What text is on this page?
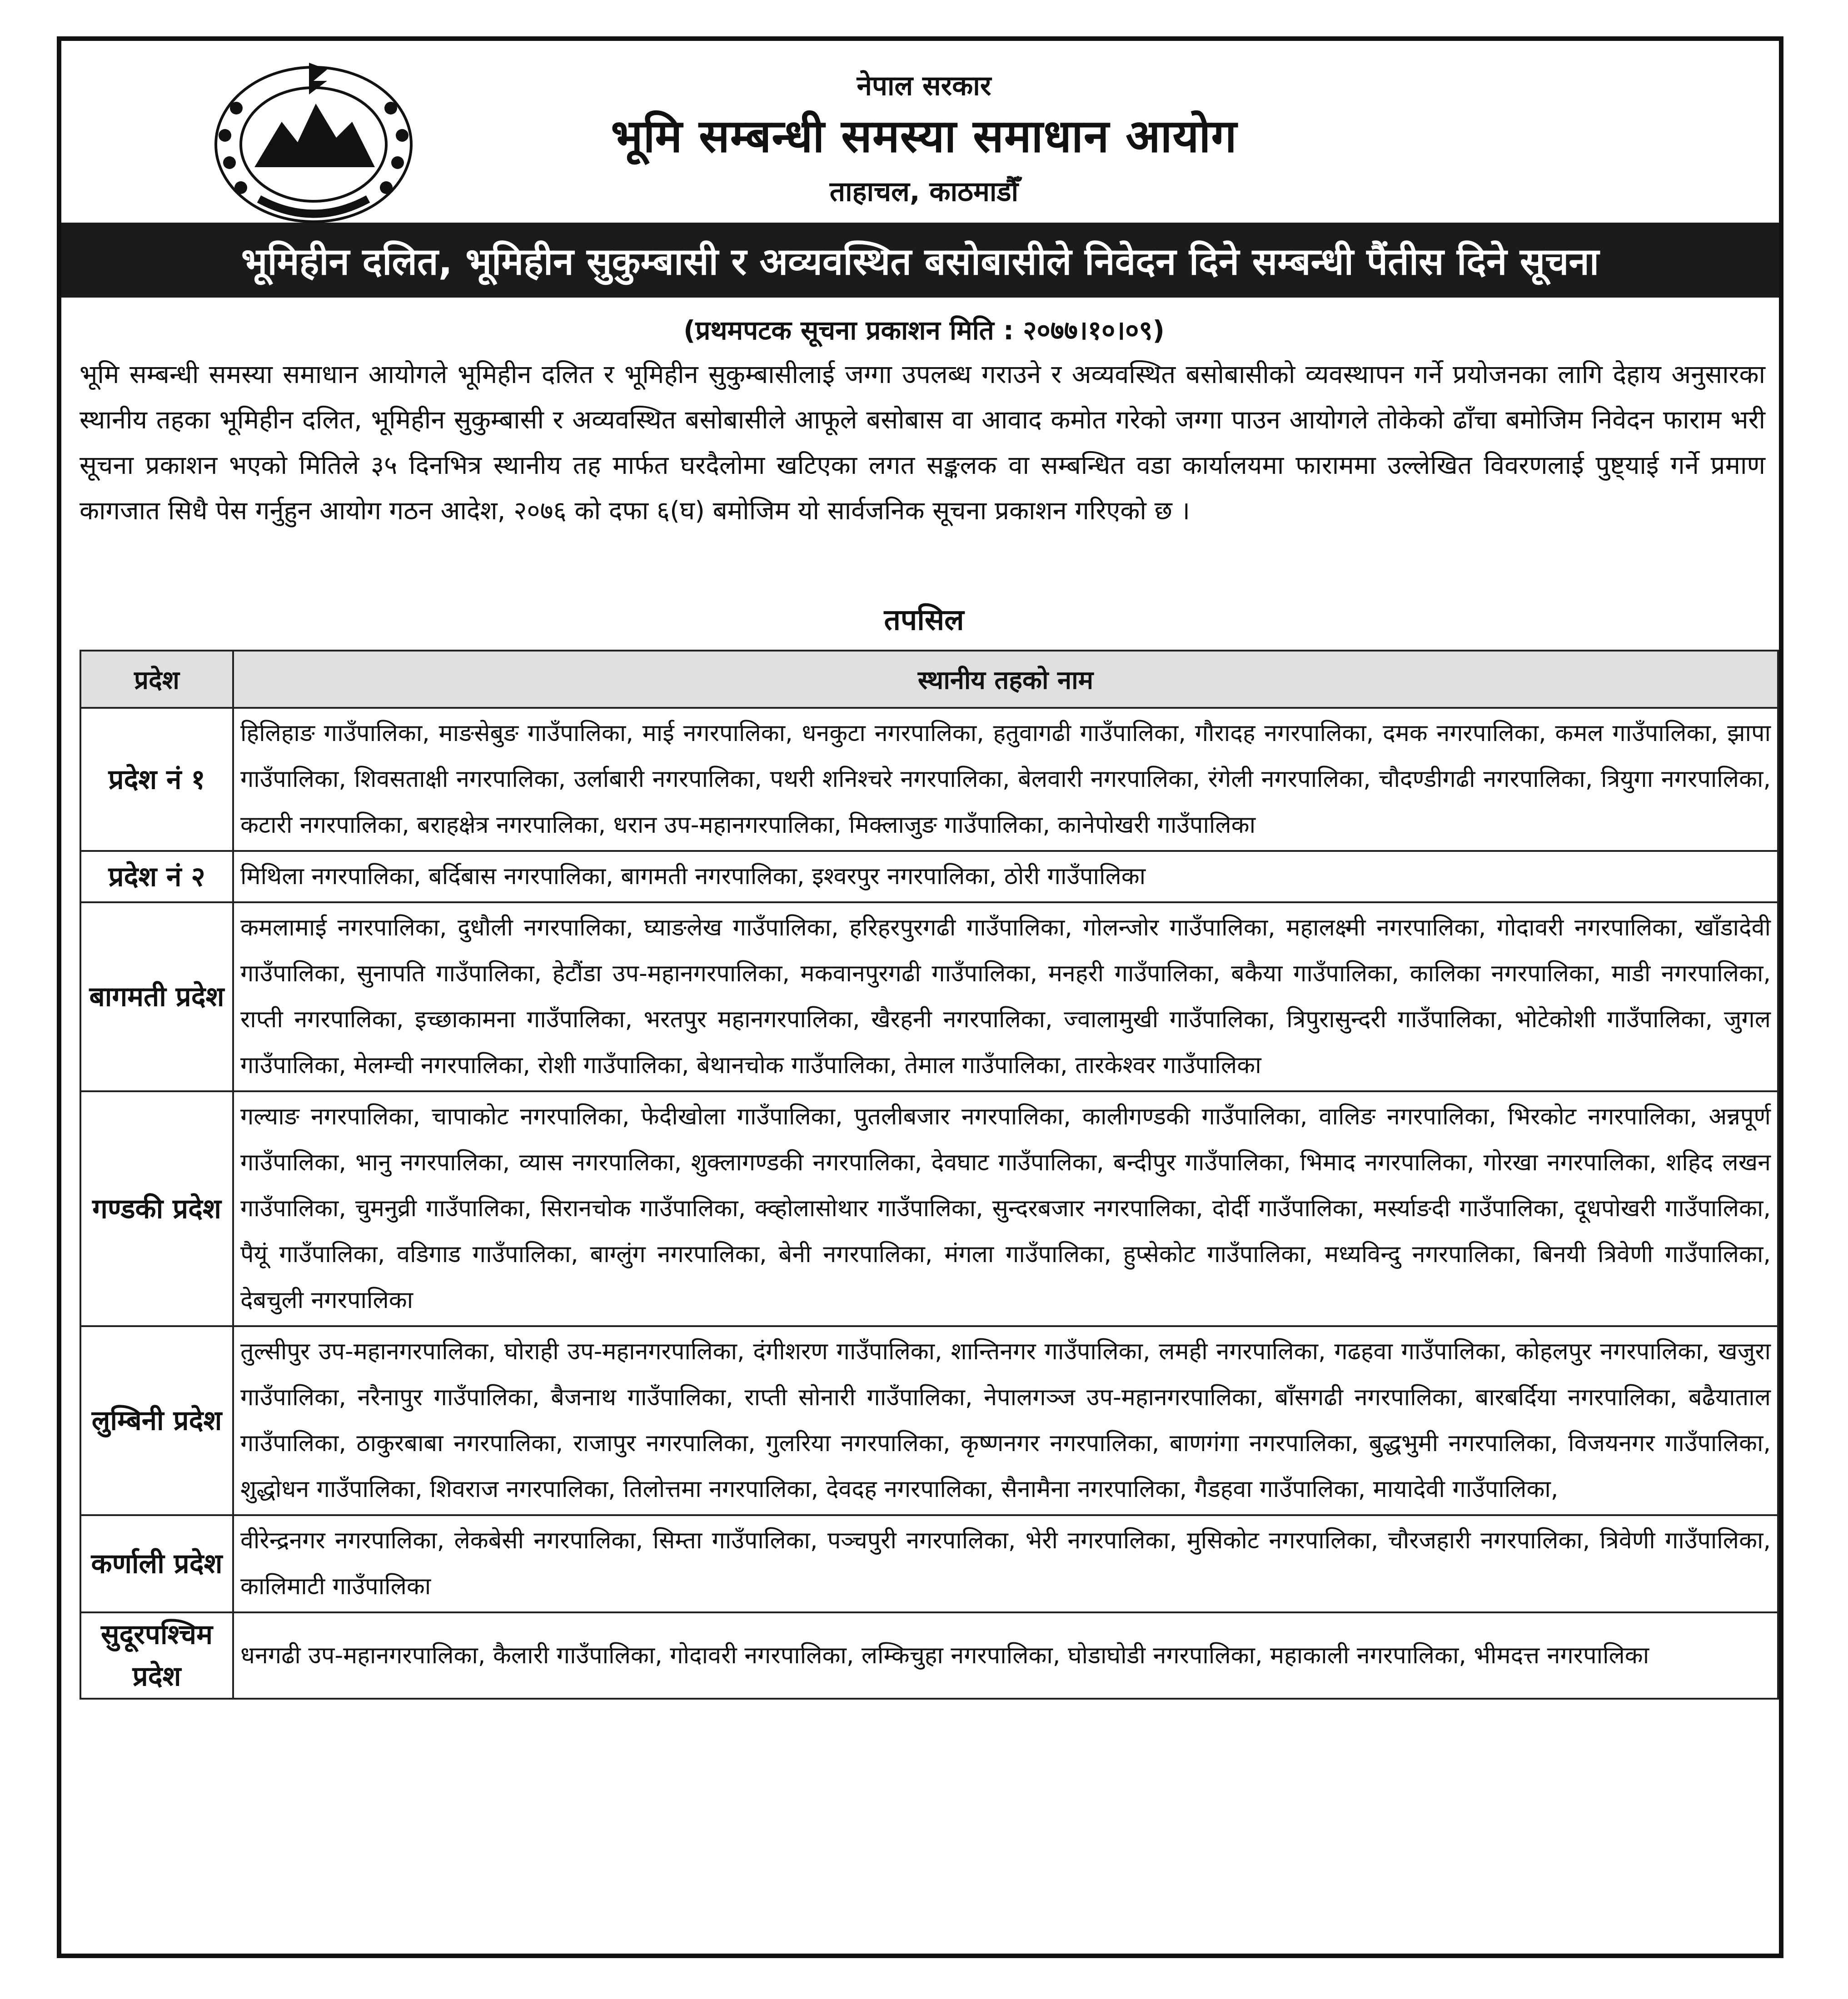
नेपाल सरकार
भूमि सम्बन्धी समस्या समाधान आयोग
ताहाचल, काठमाडौँ
भूमिहीन दलित, भूमिहीन सुकुम्बासी र अव्यवस्थित बसोबासीले निवेदन दिने सम्बन्धी पैंतीस दिने सूचना
(प्रथमपटक सूचना प्रकाशन मिति : २०७७।१०।०९)
भूमि सम्बन्धी समस्या समाधान आयोगले भूमिहीन दलित र भूमिहीन सुकुम्बासीलाई जग्गा उपलब्ध गराउने र अव्यवस्थित बसोबासीको व्यवस्थापन गर्ने प्रयोजनका लागि देहाय अनुसारका स्थानीय तहका भूमिहीन दलित, भूमिहीन सुकुम्बासी र अव्यवस्थित बसोबासीले आफूले बसोबास वा आवाद कमोत गरेको जग्गा पाउन आयोगले तोकेको ढाँचा बमोजिम निवेदन फाराम भरी सूचना प्रकाशन भएको मितिले ३५ दिनभित्र स्थानीय तह मार्फत घरदैलोमा खटिएका लगत सङ्कलक वा सम्बन्धित वडा कार्यालयमा फाराममा उल्लेखित विवरणलाई पुष्ट्याई गर्ने प्रमाण कागजात सिधै पेस गर्नुहुन आयोग गठन आदेश, २०७६ को दफा ६(घ) बमोजिम यो सार्वजनिक सूचना प्रकाशन गरिएको छ ।
तपसिल
प्रदेश	स्थानीय तहको नाम
प्रदेश नं १	हिलिहाङ गाउँपालिका, माङसेबुङ गाउँपालिका, माई नगरपालिका, धनकुटा नगरपालिका, हतुवागढी गाउँपालिका, गौरादह नगरपालिका, दमक नगरपालिका, कमल गाउँपालिका, झापा गाउँपालिका, शिवसताक्षी नगरपालिका, उर्लाबारी नगरपालिका, पथरी शनिश्चरे नगरपालिका, बेलवारी नगरपालिका, रंगेली नगरपालिका, चौदण्डीगढी नगरपालिका, त्रियुगा नगरपालिका, कटारी नगरपालिका, बराहक्षेत्र नगरपालिका, धरान उप-महानगरपालिका, मिक्लाजुङ गाउँपालिका, कानेपोखरी गाउँपालिका
प्रदेश नं २	मिथिला नगरपालिका, बर्दिबास नगरपालिका, बागमती नगरपालिका, इश्वरपुर नगरपालिका, ठोरी गाउँपालिका
बागमती प्रदेश	कमलामाई नगरपालिका, दुधौली नगरपालिका, घ्याङलेख गाउँपालिका, हरिहरपुरगढी गाउँपालिका, गोलन्जोर गाउँपालिका, महालक्ष्मी नगरपालिका, गोदावरी नगरपालिका, खाँडादेवी गाउँपालिका, सुनापति गाउँपालिका, हेटौंडा उप-महानगरपालिका, मकवानपुरगढी गाउँपालिका, मनहरी गाउँपालिका, बकैया गाउँपालिका, कालिका नगरपालिका, माडी नगरपालिका, राप्ती नगरपालिका, इच्छाकामना गाउँपालिका, भरतपुर महानगरपालिका, खैरहनी नगरपालिका, ज्वालामुखी गाउँपालिका, त्रिपुरासुन्दरी गाउँपालिका, भोटेकोशी गाउँपालिका, जुगल गाउँपालिका, मेलम्ची नगरपालिका, रोशी गाउँपालिका, बेथानचोक गाउँपालिका, तेमाल गाउँपालिका, तारकेश्वर गाउँपालिका
गण्डकी प्रदेश	गल्याङ नगरपालिका, चापाकोट नगरपालिका, फेदीखोला गाउँपालिका, पुतलीबजार नगरपालिका, कालीगण्डकी गाउँपालिका, वालिङ नगरपालिका, भिरकोट नगरपालिका, अन्नपूर्ण गाउँपालिका, भानु नगरपालिका, व्यास नगरपालिका, शुक्लागण्डकी नगरपालिका, देवघाट गाउँपालिका, बन्दीपुर गाउँपालिका, भिमाद नगरपालिका, गोरखा नगरपालिका, शहिद लखन गाउँपालिका, चुमनुव्री गाउँपालिका, सिरानचोक गाउँपालिका, क्व्होलासोथार गाउँपालिका, सुन्दरबजार नगरपालिका, दोर्दी गाउँपालिका, मर्स्याङदी गाउँपालिका, दूधपोखरी गाउँपालिका, पैयूं गाउँपालिका, वडिगाड गाउँपालिका, बाग्लुंग नगरपालिका, बेनी नगरपालिका, मंगला गाउँपालिका, हुप्सेकोट गाउँपालिका, मध्यविन्दु नगरपालिका, बिनयी त्रिवेणी गाउँपालिका, देबचुली नगरपालिका
लुम्बिनी प्रदेश	तुल्सीपुर उप-महानगरपालिका, घोराही उप-महानगरपालिका, दंगीशरण गाउँपालिका, शान्तिनगर गाउँपालिका, लमही नगरपालिका, गढहवा गाउँपालिका, कोहलपुर नगरपालिका, खजुरा गाउँपालिका, नरैनापुर गाउँपालिका, बैजनाथ गाउँपालिका, राप्ती सोनारी गाउँपालिका, नेपालगञ्ज उप-महानगरपालिका, बाँसगढी नगरपालिका, बारबर्दिया नगरपालिका, बढैयाताल गाउँपालिका, ठाकुरबाबा नगरपालिका, राजापुर नगरपालिका, गुलरिया नगरपालिका, कृष्णनगर नगरपालिका, बाणगंगा नगरपालिका, बुद्धभुमी नगरपालिका, विजयनगर गाउँपालिका, शुद्धोधन गाउँपालिका, शिवराज नगरपालिका, तिलोत्तमा नगरपालिका, देवदह नगरपालिका, सैनामैना नगरपालिका, गैडहवा गाउँपालिका, मायादेवी गाउँपालिका,
कर्णाली प्रदेश	वीरेन्द्रनगर नगरपालिका, लेकबेसी नगरपालिका, सिम्ता गाउँपालिका, पञ्चपुरी नगरपालिका, भेरी नगरपालिका, मुसिकोट नगरपालिका, चौरजहारी नगरपालिका, त्रिवेणी गाउँपालिका, कालिमाटी गाउँपालिका
सुदूरपश्चिम प्रदेश	धनगढी उप-महानगरपालिका, कैलारी गाउँपालिका, गोदावरी नगरपालिका, लम्किचुहा नगरपालिका, घोडाघोडी नगरपालिका, महाकाली नगरपालिका, भीमदत्त नगरपालिका
